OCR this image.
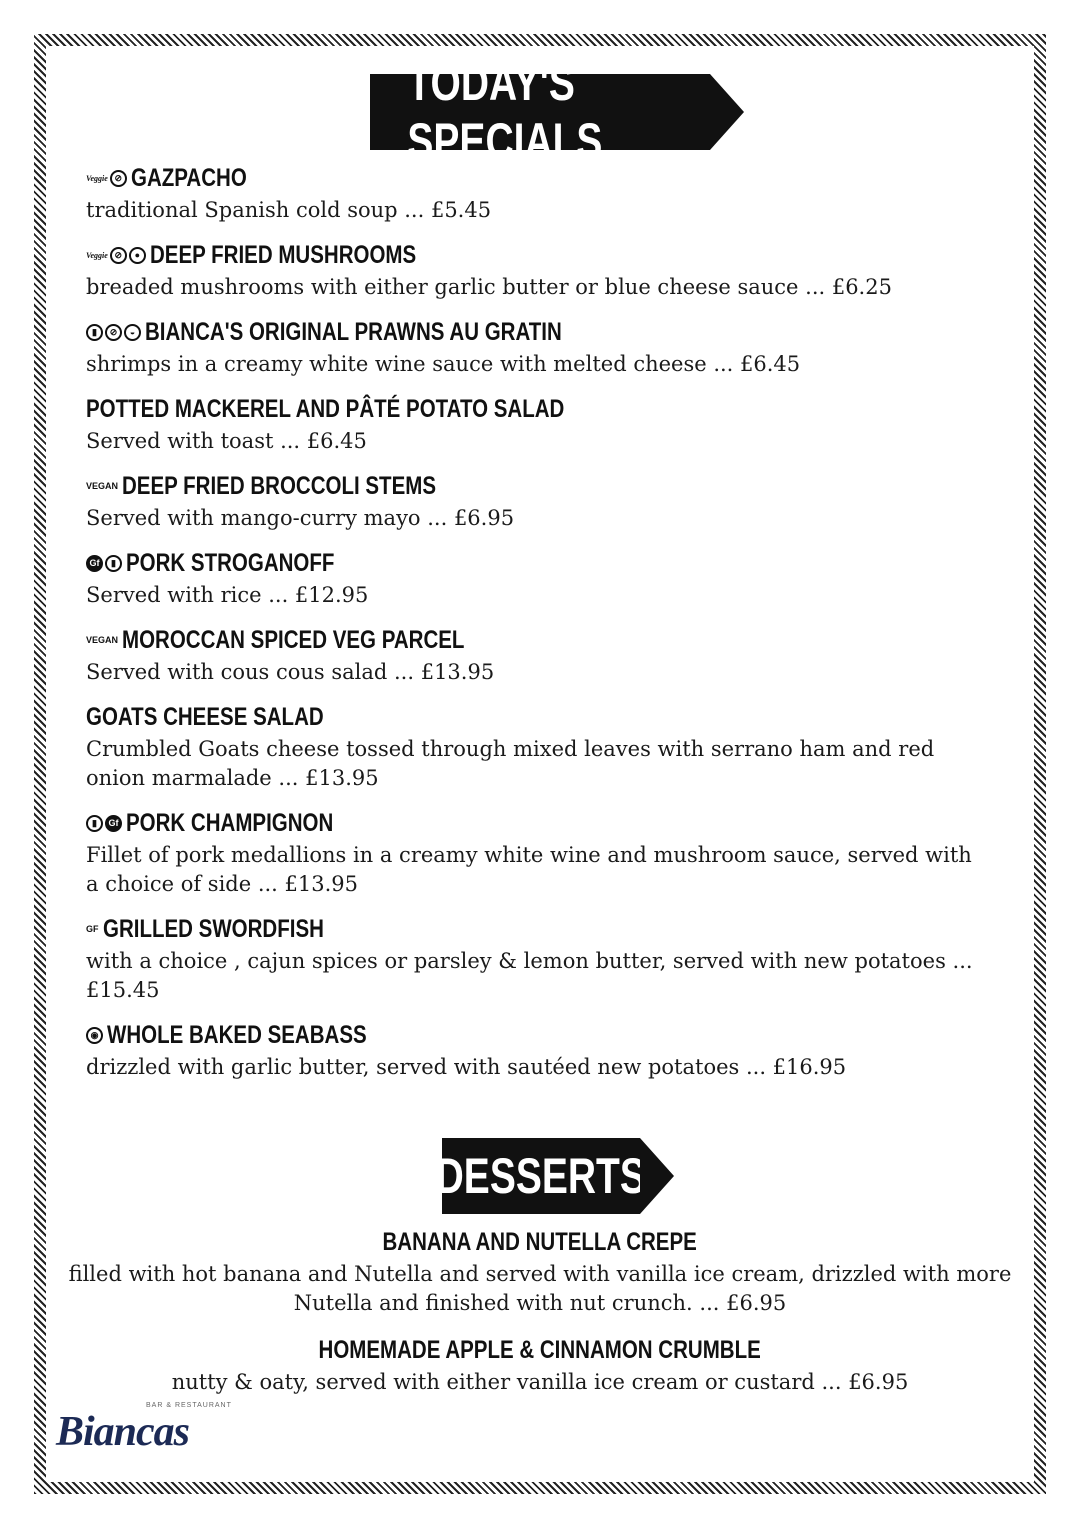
TODAY'S SPECIALS
Veggie ⊘ GAZPACHO
traditional Spanish cold soup ... £5.45
Veggie ⊘	● DEEP FRIED MUSHROOMS
breaded mushrooms with either garlic butter or blue cheese sauce ... £6.25
▮	⊘	◒ BIANCA'S ORIGINAL PRAWNS AU GRATIN
shrimps in a creamy white wine sauce with melted cheese ... £6.45
POTTED MACKEREL AND PÂTÉ POTATO SALAD
Served with toast ... £6.45
VEGAN DEEP FRIED BROCCOLI STEMS
Served with mango-curry mayo ... £6.95
Gf	▮ PORK STROGANOFF
Served with rice ... £12.95
VEGAN MOROCCAN SPICED VEG PARCEL
Served with cous cous salad ... £13.95
GOATS CHEESE SALAD
Crumbled Goats cheese tossed through mixed leaves with serrano ham and red onion marmalade ... £13.95
▮	Gf PORK CHAMPIGNON
Fillet of pork medallions in a creamy white wine and mushroom sauce, served with a choice of side ... £13.95
GF GRILLED SWORDFISH
with a choice , cajun spices or parsley & lemon butter, served with new potatoes ... £15.45
◉ WHOLE BAKED SEABASS
drizzled with garlic butter, served with sautéed new potatoes ... £16.95
DESSERTS
BANANA AND NUTELLA CREPE
filled with hot banana and Nutella and served with vanilla ice cream, drizzled with more Nutella and finished with nut crunch. ... £6.95
HOMEMADE APPLE & CINNAMON CRUMBLE
nutty & oaty, served with either vanilla ice cream or custard ... £6.95
BAR & RESTAURANT
Biancas
